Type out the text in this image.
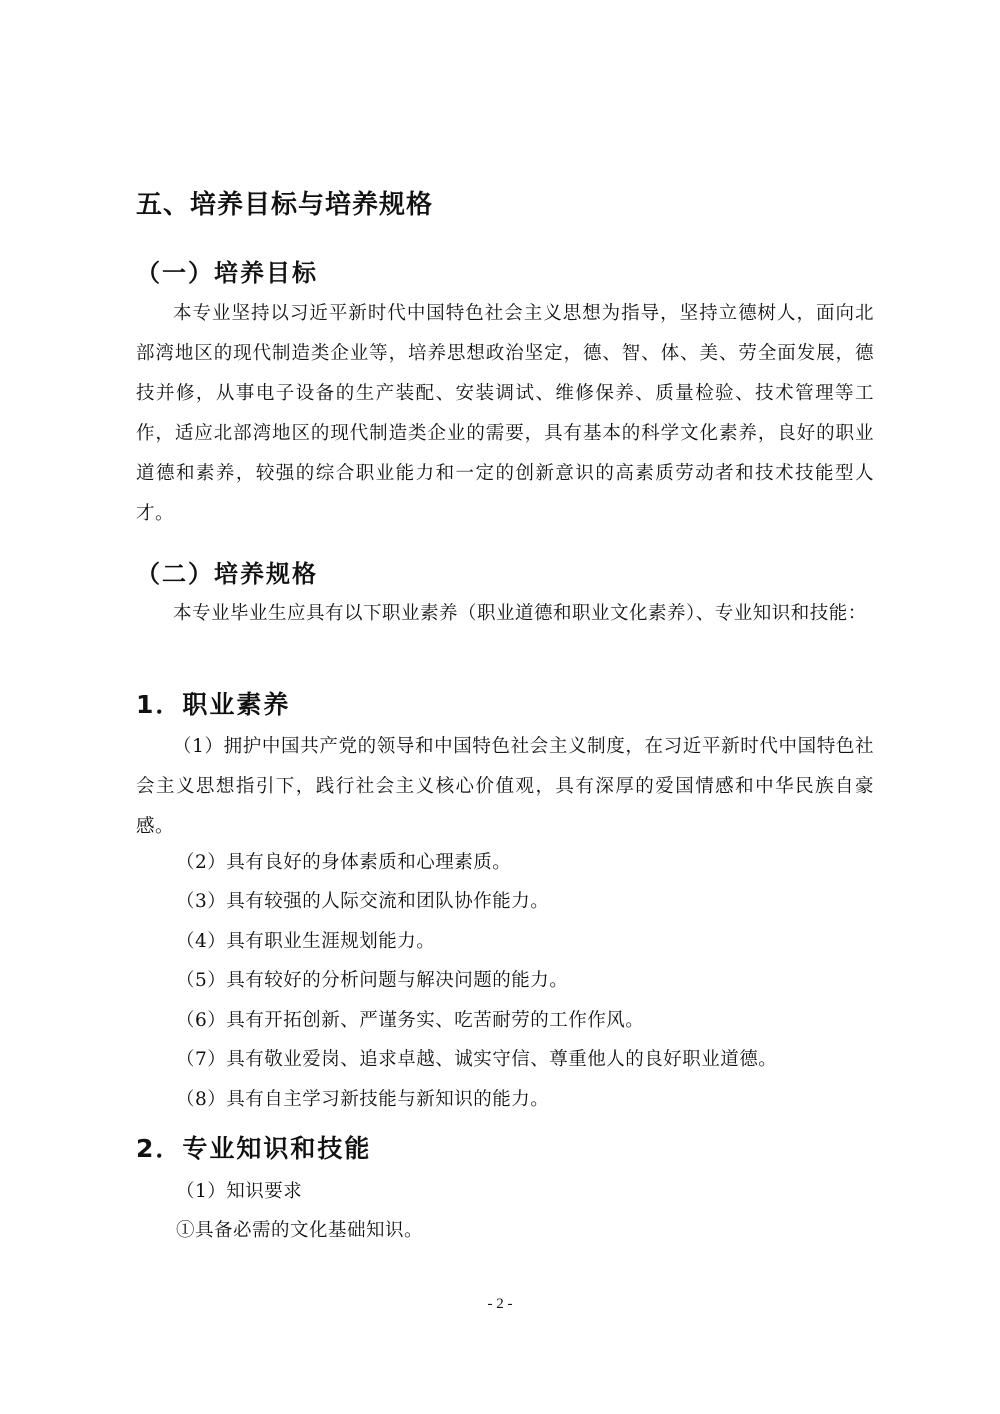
五、培养目标与培养规格
（一）培养目标
本专业坚持以习近平新时代中国特色社会主义思想为指导，坚持立德树人，面向北部湾地区的现代制造类企业等，培养思想政治坚定，德、智、体、美、劳全面发展，德技并修，从事电子设备的生产装配、安装调试、维修保养、质量检验、技术管理等工作，适应北部湾地区的现代制造类企业的需要，具有基本的科学文化素养，良好的职业道德和素养，较强的综合职业能力和一定的创新意识的高素质劳动者和技术技能型人才。
（二）培养规格
本专业毕业生应具有以下职业素养（职业道德和职业文化素养）、专业知识和技能：
1．职业素养
（1）拥护中国共产党的领导和中国特色社会主义制度，在习近平新时代中国特色社会主义思想指引下，践行社会主义核心价值观，具有深厚的爱国情感和中华民族自豪感。
（2）具有良好的身体素质和心理素质。
（3）具有较强的人际交流和团队协作能力。
（4）具有职业生涯规划能力。
（5）具有较好的分析问题与解决问题的能力。
（6）具有开拓创新、严谨务实、吃苦耐劳的工作作风。
（7）具有敬业爱岗、追求卓越、诚实守信、尊重他人的良好职业道德。
（8）具有自主学习新技能与新知识的能力。
2．专业知识和技能
（1）知识要求
①具备必需的文化基础知识。
- 2 -
